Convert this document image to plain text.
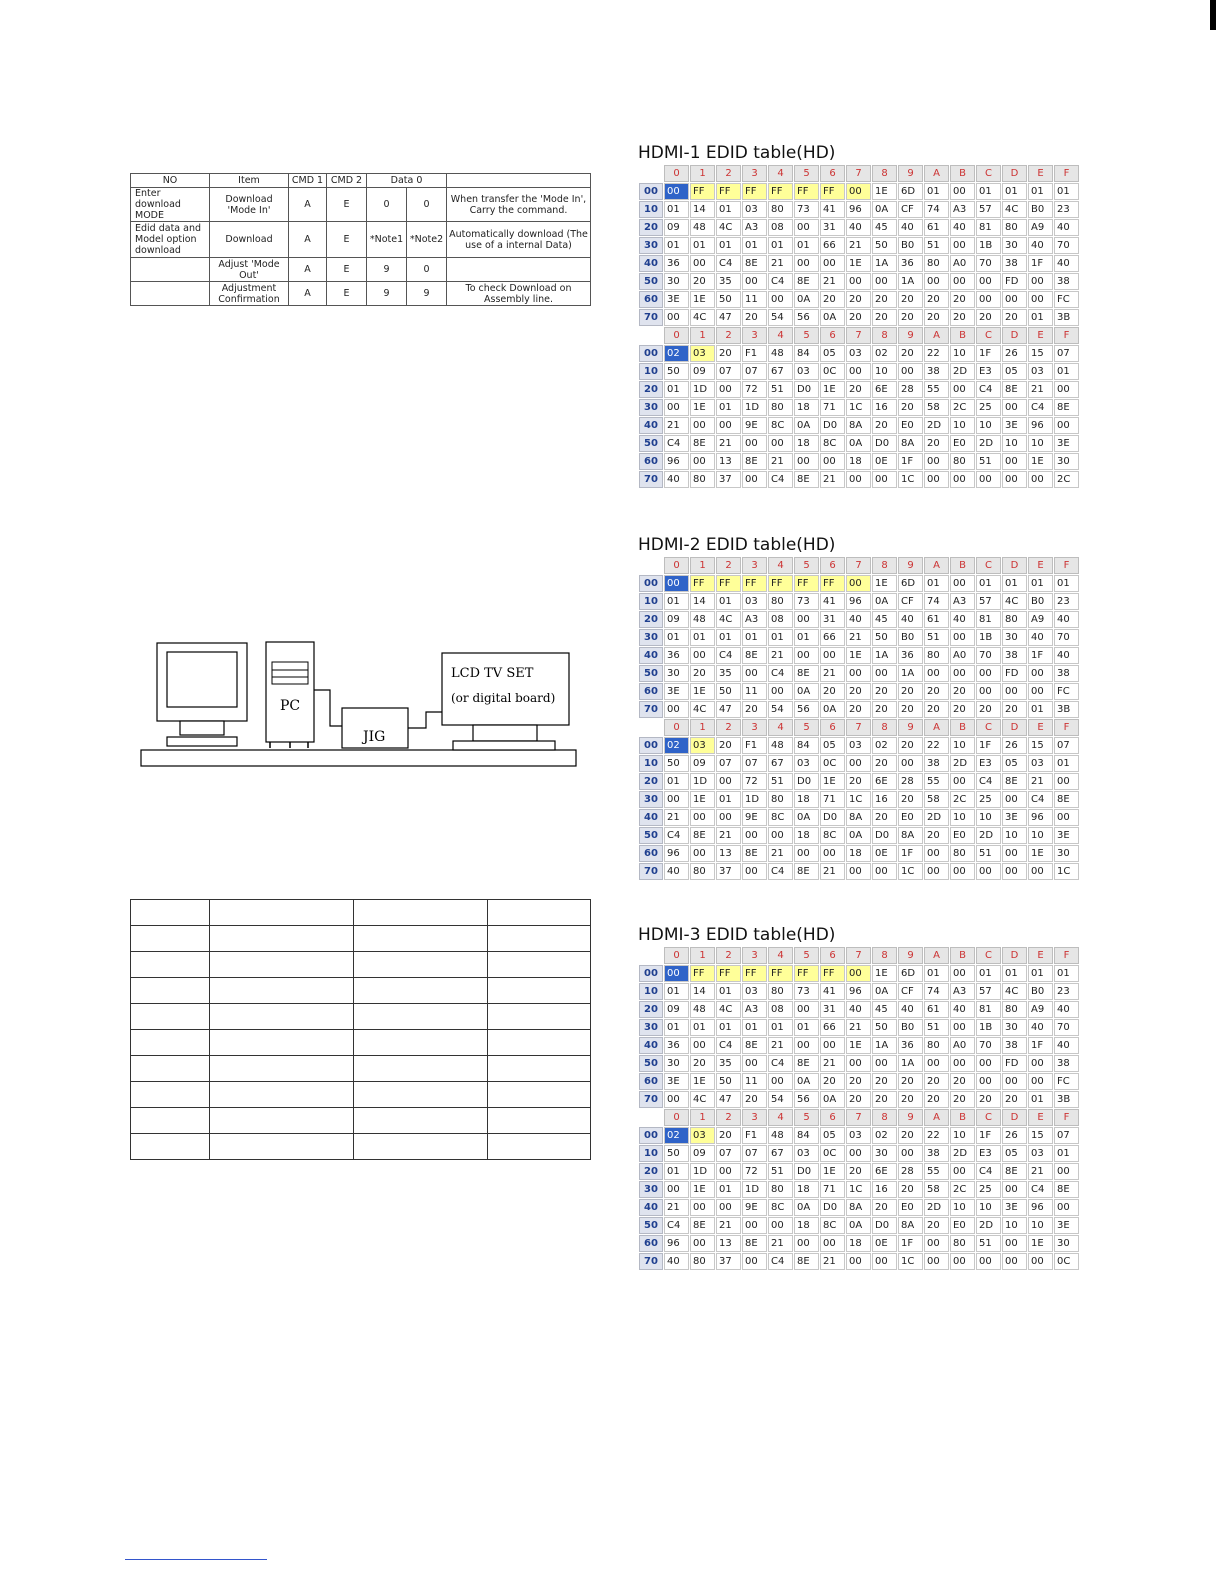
NO	Item	CMD 1	CMD 2	Data 0		
Enter download MODE	Download 'Mode In'	A	E	0	0	When transfer the 'Mode In', Carry the command.
Edid data and Model option download	Download	A	E	*Note1	*Note2	Automatically download (The use of a internal Data)
	Adjust 'Mode Out'	A	E	9	0	
	Adjustment Confirmation	A	E	9	9	To check Download on Assembly line.
PC
JIG
LCD TV SET
(or digital board)

HDMI-1 EDID table(HD)
	0	1	2	3	4	5	6	7	8	9	A	B	C	D	E	F
00	00	FF	FF	FF	FF	FF	FF	00	1E	6D	01	00	01	01	01	01
10	01	14	01	03	80	73	41	96	0A	CF	74	A3	57	4C	B0	23
20	09	48	4C	A3	08	00	31	40	45	40	61	40	81	80	A9	40
30	01	01	01	01	01	01	66	21	50	B0	51	00	1B	30	40	70
40	36	00	C4	8E	21	00	00	1E	1A	36	80	A0	70	38	1F	40
50	30	20	35	00	C4	8E	21	00	00	1A	00	00	00	FD	00	38
60	3E	1E	50	11	00	0A	20	20	20	20	20	20	00	00	00	FC
70	00	4C	47	20	54	56	0A	20	20	20	20	20	20	20	01	3B
	0	1	2	3	4	5	6	7	8	9	A	B	C	D	E	F
00	02	03	20	F1	48	84	05	03	02	20	22	10	1F	26	15	07
10	50	09	07	07	67	03	0C	00	10	00	38	2D	E3	05	03	01
20	01	1D	00	72	51	D0	1E	20	6E	28	55	00	C4	8E	21	00
30	00	1E	01	1D	80	18	71	1C	16	20	58	2C	25	00	C4	8E
40	21	00	00	9E	8C	0A	D0	8A	20	E0	2D	10	10	3E	96	00
50	C4	8E	21	00	00	18	8C	0A	D0	8A	20	E0	2D	10	10	3E
60	96	00	13	8E	21	00	00	18	0E	1F	00	80	51	00	1E	30
70	40	80	37	00	C4	8E	21	00	00	1C	00	00	00	00	00	2C
HDMI-2 EDID table(HD)
	0	1	2	3	4	5	6	7	8	9	A	B	C	D	E	F
00	00	FF	FF	FF	FF	FF	FF	00	1E	6D	01	00	01	01	01	01
10	01	14	01	03	80	73	41	96	0A	CF	74	A3	57	4C	B0	23
20	09	48	4C	A3	08	00	31	40	45	40	61	40	81	80	A9	40
30	01	01	01	01	01	01	66	21	50	B0	51	00	1B	30	40	70
40	36	00	C4	8E	21	00	00	1E	1A	36	80	A0	70	38	1F	40
50	30	20	35	00	C4	8E	21	00	00	1A	00	00	00	FD	00	38
60	3E	1E	50	11	00	0A	20	20	20	20	20	20	00	00	00	FC
70	00	4C	47	20	54	56	0A	20	20	20	20	20	20	20	01	3B
	0	1	2	3	4	5	6	7	8	9	A	B	C	D	E	F
00	02	03	20	F1	48	84	05	03	02	20	22	10	1F	26	15	07
10	50	09	07	07	67	03	0C	00	20	00	38	2D	E3	05	03	01
20	01	1D	00	72	51	D0	1E	20	6E	28	55	00	C4	8E	21	00
30	00	1E	01	1D	80	18	71	1C	16	20	58	2C	25	00	C4	8E
40	21	00	00	9E	8C	0A	D0	8A	20	E0	2D	10	10	3E	96	00
50	C4	8E	21	00	00	18	8C	0A	D0	8A	20	E0	2D	10	10	3E
60	96	00	13	8E	21	00	00	18	0E	1F	00	80	51	00	1E	30
70	40	80	37	00	C4	8E	21	00	00	1C	00	00	00	00	00	1C
HDMI-3 EDID table(HD)
	0	1	2	3	4	5	6	7	8	9	A	B	C	D	E	F
00	00	FF	FF	FF	FF	FF	FF	00	1E	6D	01	00	01	01	01	01
10	01	14	01	03	80	73	41	96	0A	CF	74	A3	57	4C	B0	23
20	09	48	4C	A3	08	00	31	40	45	40	61	40	81	80	A9	40
30	01	01	01	01	01	01	66	21	50	B0	51	00	1B	30	40	70
40	36	00	C4	8E	21	00	00	1E	1A	36	80	A0	70	38	1F	40
50	30	20	35	00	C4	8E	21	00	00	1A	00	00	00	FD	00	38
60	3E	1E	50	11	00	0A	20	20	20	20	20	20	00	00	00	FC
70	00	4C	47	20	54	56	0A	20	20	20	20	20	20	20	01	3B
	0	1	2	3	4	5	6	7	8	9	A	B	C	D	E	F
00	02	03	20	F1	48	84	05	03	02	20	22	10	1F	26	15	07
10	50	09	07	07	67	03	0C	00	30	00	38	2D	E3	05	03	01
20	01	1D	00	72	51	D0	1E	20	6E	28	55	00	C4	8E	21	00
30	00	1E	01	1D	80	18	71	1C	16	20	58	2C	25	00	C4	8E
40	21	00	00	9E	8C	0A	D0	8A	20	E0	2D	10	10	3E	96	00
50	C4	8E	21	00	00	18	8C	0A	D0	8A	20	E0	2D	10	10	3E
60	96	00	13	8E	21	00	00	18	0E	1F	00	80	51	00	1E	30
70	40	80	37	00	C4	8E	21	00	00	1C	00	00	00	00	00	0C
